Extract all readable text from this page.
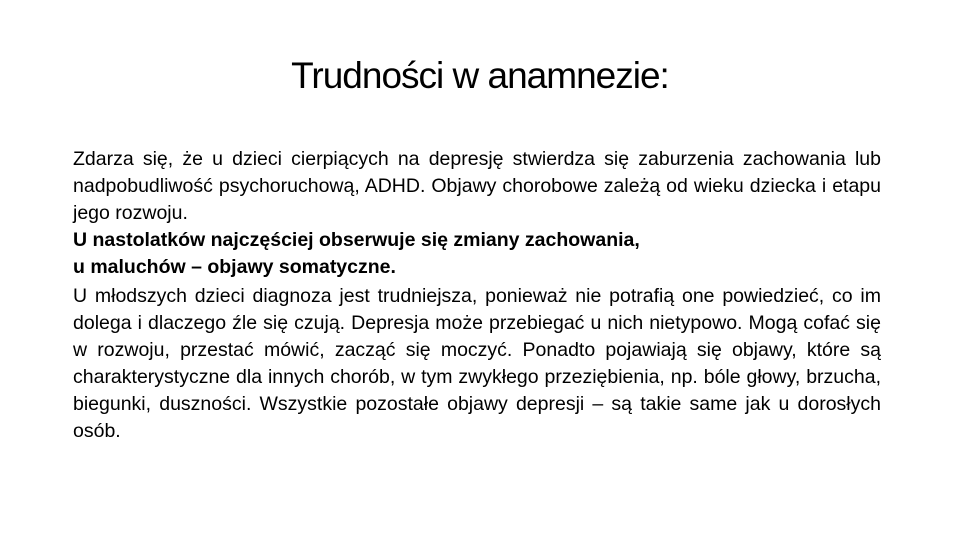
Trudności w anamnezie:

Zdarza się, że u dzieci cierpiących na depresję stwierdza się zaburzenia zachowania lub nadpobudliwość psychoruchową, ADHD. Objawy chorobowe zależą od wieku dziecka i etapu jego rozwoju.
U nastolatków najczęściej obserwuje się zmiany zachowania,
u maluchów – objawy somatyczne.

U młodszych dzieci diagnoza jest trudniejsza, ponieważ nie potrafią one powiedzieć, co im dolega i dlaczego źle się czują. Depresja może przebiegać u nich nietypowo. Mogą cofać się w rozwoju, przestać mówić, zacząć się moczyć. Ponadto pojawiają się objawy, które są charakterystyczne dla innych chorób, w tym zwykłego przeziębienia, np. bóle głowy, brzucha, biegunki, duszności. Wszystkie pozostałe objawy depresji – są takie same jak u dorosłych osób.
